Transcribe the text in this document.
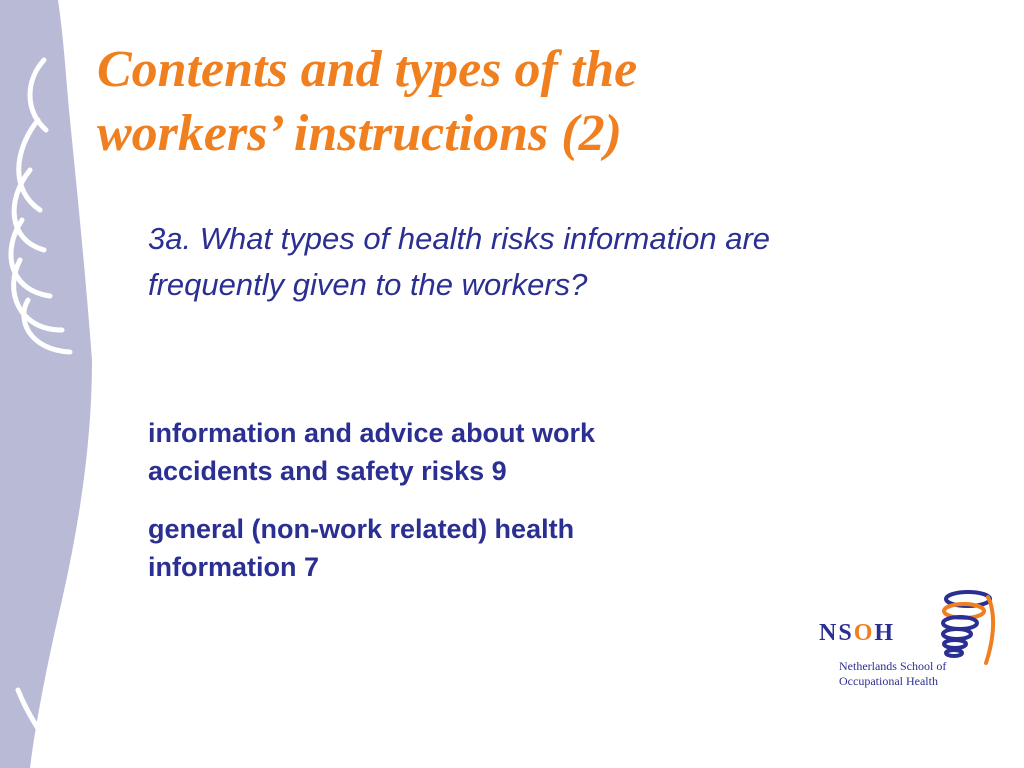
Contents and types of the
workers’ instructions (2)

3a. What types of health risks information are frequently given to the workers?

information and advice about work
accidents and safety risks 9
general (non-work related) health
information 7
NSOH
Netherlands School of
Occupational Health
